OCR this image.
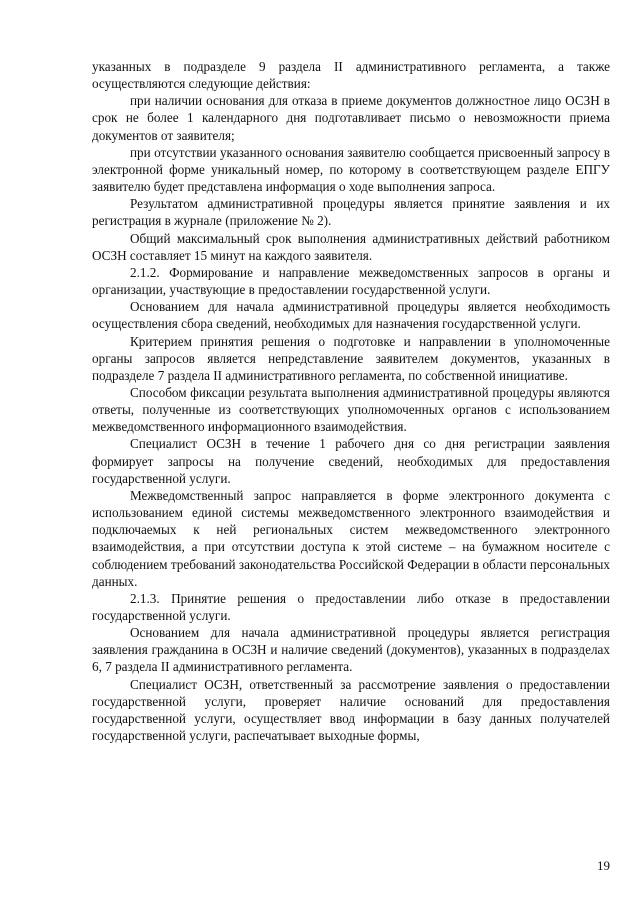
указанных в подразделе 9 раздела II административного регламента, а также осуществляются следующие действия:

при наличии основания для отказа в приеме документов должностное лицо ОСЗН в срок не более 1 календарного дня подготавливает письмо о невозможности приема документов от заявителя;

при отсутствии указанного основания заявителю сообщается присвоенный запросу в электронной форме уникальный номер, по которому в соответствующем разделе ЕПГУ заявителю будет представлена информация о ходе выполнения запроса.

Результатом административной процедуры является принятие заявления и их регистрация в журнале (приложение № 2).

Общий максимальный срок выполнения административных действий работником ОСЗН составляет 15 минут на каждого заявителя.

2.1.2. Формирование и направление межведомственных запросов в органы и организации, участвующие в предоставлении государственной услуги.

Основанием для начала административной процедуры является необходимость осуществления сбора сведений, необходимых для назначения государственной услуги.

Критерием принятия решения о подготовке и направлении в уполномоченные органы запросов является непредставление заявителем документов, указанных в подразделе 7 раздела II административного регламента, по собственной инициативе.

Способом фиксации результата выполнения административной процедуры являются ответы, полученные из соответствующих уполномоченных органов с использованием межведомственного информационного взаимодействия.

Специалист ОСЗН в течение 1 рабочего дня со дня регистрации заявления формирует запросы на получение сведений, необходимых для предоставления государственной услуги.

Межведомственный запрос направляется в форме электронного документа с использованием единой системы межведомственного электронного взаимодействия и подключаемых к ней региональных систем межведомственного электронного взаимодействия, а при отсутствии доступа к этой системе – на бумажном носителе с соблюдением требований законодательства Российской Федерации в области персональных данных.

2.1.3. Принятие решения о предоставлении либо отказе в предоставлении государственной услуги.

Основанием для начала административной процедуры является регистрация заявления гражданина в ОСЗН и наличие сведений (документов), указанных в подразделах 6, 7 раздела II административного регламента.

Специалист ОСЗН, ответственный за рассмотрение заявления о предоставлении государственной услуги, проверяет наличие оснований для предоставления государственной услуги, осуществляет ввод информации в базу данных получателей государственной услуги, распечатывает выходные формы,

19
